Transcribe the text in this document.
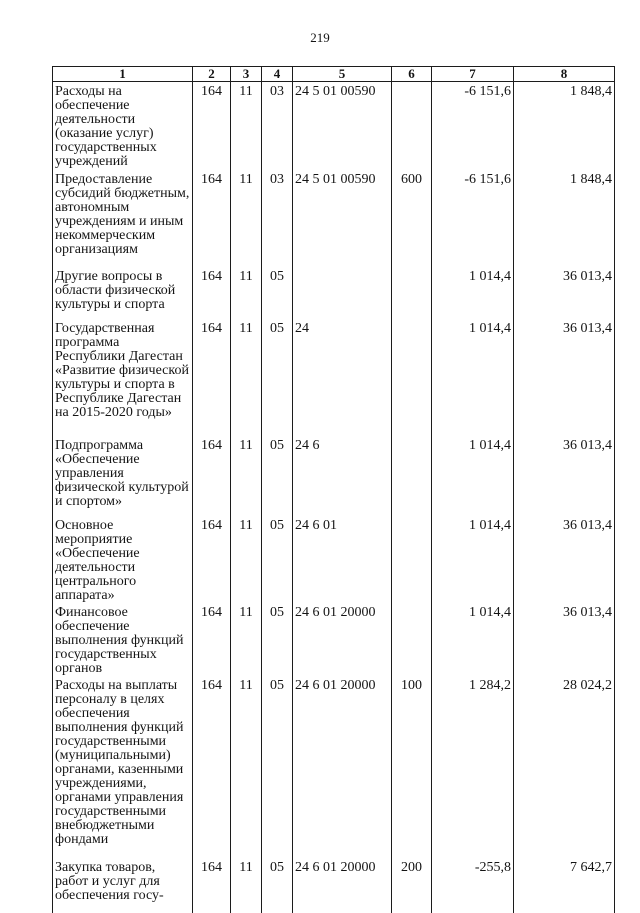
219
1	2	3	4	5	6	7	8
Расходы на обеспечение деятельности (оказание услуг) государственных учреждений	164	11	03	24 5 01 00590		-6 151,6	1 848,4
Предоставление субсидий бюджетным, автономным учреждениям и иным некоммерческим организациям	164	11	03	24 5 01 00590	600	-6 151,6	1 848,4
Другие вопросы в области физической культуры и спорта	164	11	05			1 014,4	36 013,4
Государственная программа Республики Дагестан «Развитие физической культуры и спорта в Республике Дагестан на 2015-2020 годы»	164	11	05	24		1 014,4	36 013,4
Подпрограмма «Обеспечение управления физической культурой и спортом»	164	11	05	24 6		1 014,4	36 013,4
Основное мероприятие «Обеспечение деятельности центрального аппарата»	164	11	05	24 6 01		1 014,4	36 013,4
Финансовое обеспечение выполнения функций государственных органов	164	11	05	24 6 01 20000		1 014,4	36 013,4
Расходы на выплаты персоналу в целях обеспечения выполнения функций государственными (муниципальными) органами, казенными учреждениями, органами управления государственными внебюджетными фондами	164	11	05	24 6 01 20000	100	1 284,2	28 024,2
Закупка товаров, работ и услуг для обеспечения госу-	164	11	05	24 6 01 20000	200	-255,8	7 642,7
